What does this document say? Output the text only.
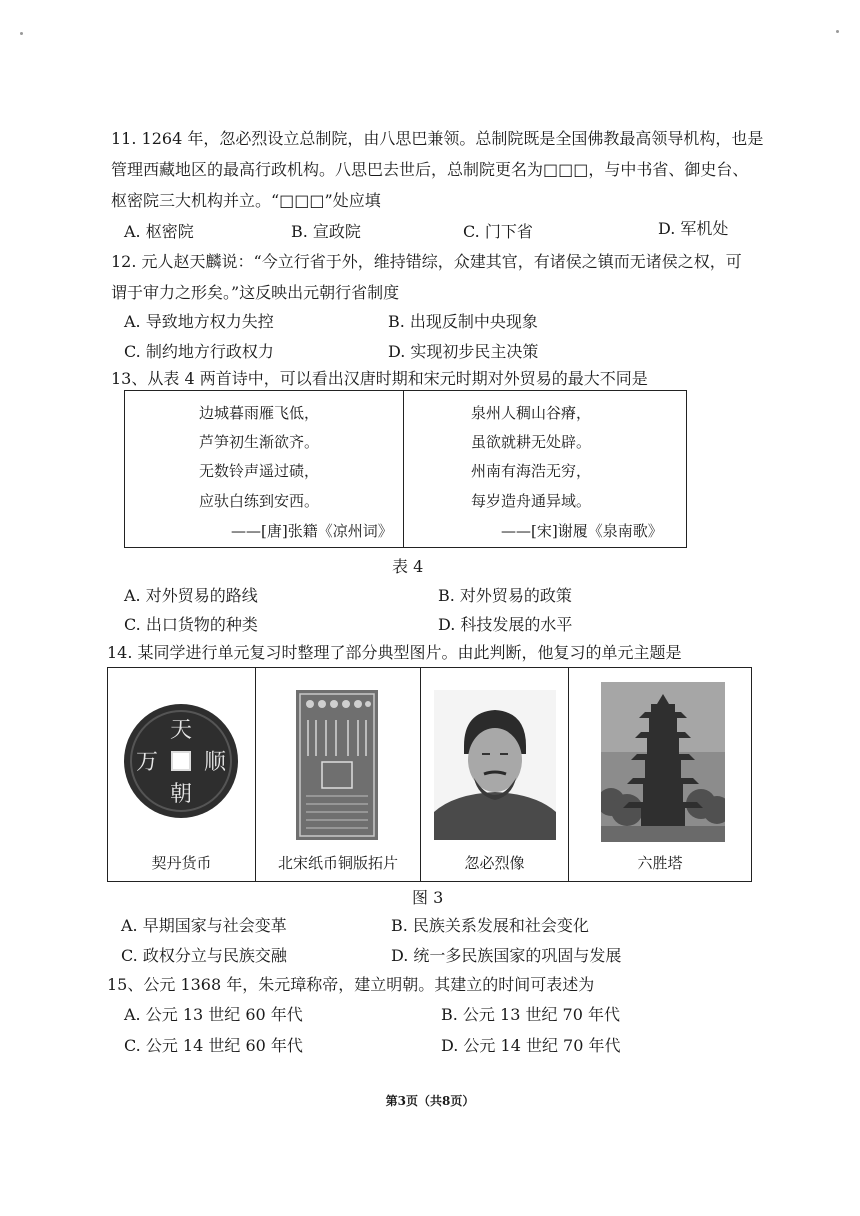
11. 1264 年，忽必烈设立总制院，由八思巴兼领。总制院既是全国佛教最高领导机构，也是
管理西藏地区的最高行政机构。八思巴去世后，总制院更名为□□□，与中书省、御史台、
枢密院三大机构并立。“□□□”处应填
A. 枢密院	B. 宣政院	C. 门下省	D. 军机处
12. 元人赵天麟说：“今立行省于外，维持错综，众建其官，有诸侯之镇而无诸侯之权，可
谓于审力之形矣。”这反映出元朝行省制度
A. 导致地方权力失控	B. 出现反制中央现象
C. 制约地方行政权力	D. 实现初步民主决策
13、从表 4 两首诗中，可以看出汉唐时期和宋元时期对外贸易的最大不同是
边城暮雨雁飞低，
芦笋初生渐欲齐。
无数铃声遥过碛，
应驮白练到安西。
——[唐]张籍《凉州词》
泉州人稠山谷瘠，
虽欲就耕无处辟。
州南有海浩无穷，
每岁造舟通异域。
——[宋]谢履《泉南歌》
表 4
A. 对外贸易的路线	B. 对外贸易的政策
C. 出口货物的种类	D. 科技发展的水平
14. 某同学进行单元复习时整理了部分典型图片。由此判断，他复习的单元主题是
天
朝
万 顺
契丹货币	北宋纸币铜版拓片	忽必烈像	六胜塔
图 3
A. 早期国家与社会变革	B. 民族关系发展和社会变化
C. 政权分立与民族交融	D. 统一多民族国家的巩固与发展
15、公元 1368 年，朱元璋称帝，建立明朝。其建立的时间可表述为
A. 公元 13 世纪 60 年代	B. 公元 13 世纪 70 年代
C. 公元 14 世纪 60 年代	D. 公元 14 世纪 70 年代
第3页（共8页）
